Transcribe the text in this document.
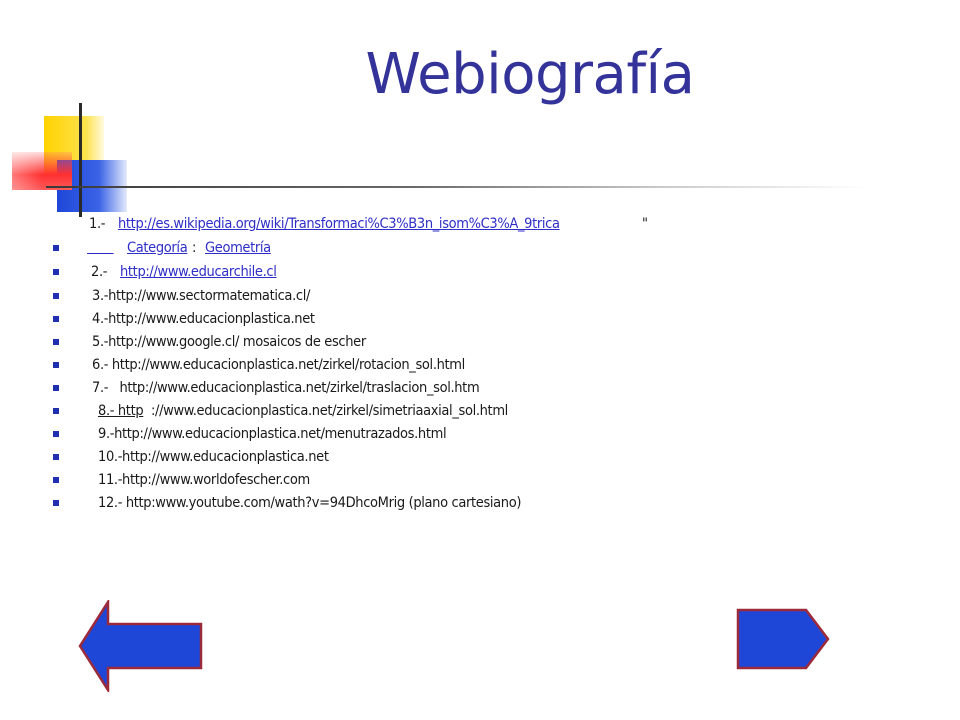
Webiografía
1.- http://es.wikipedia.org/wiki/Transformaci%C3%B3n_isom%C3%A_9trica	"

Categoría : Geometría
2.- http://www.educarchile.cl
3.-http://www.sectormatematica.cl/
4.-http://www.educacionplastica.net
5.-http://www.google.cl/ mosaicos de escher
6.- http://www.educacionplastica.net/zirkel/rotacion_sol.html
7.-   http://www.educacionplastica.net/zirkel/traslacion_sol.htm
8.- http ://www.educacionplastica.net/zirkel/simetriaaxial_sol.html
9.-http://www.educacionplastica.net/menutrazados.html
10.-http://www.educacionplastica.net
11.-http://www.worldofescher.com
12.- http:www.youtube.com/wath?v=94DhcoMrig (plano cartesiano)
